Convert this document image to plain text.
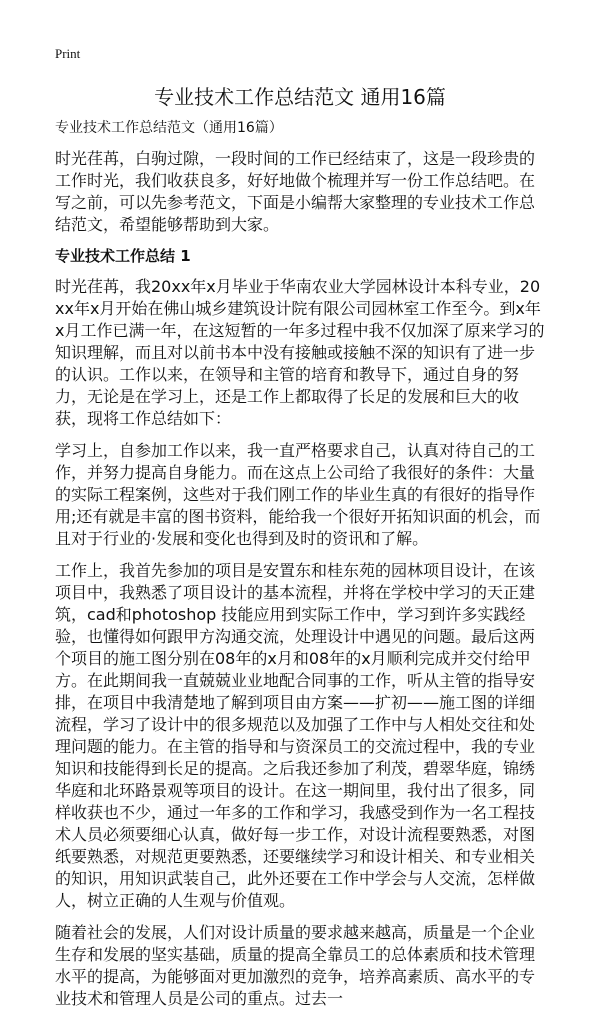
Print
专业技术工作总结范文 通用16篇
专业技术工作总结范文（通用16篇）
时光荏苒，白驹过隙，一段时间的工作已经结束了，这是一段珍贵的工作时光，我们收获良多，好好地做个梳理并写一份工作总结吧。在写之前，可以先参考范文，下面是小编帮大家整理的专业技术工作总结范文，希望能够帮助到大家。
专业技术工作总结 1
时光荏苒，我20xx年x月毕业于华南农业大学园林设计本科专业，20xx年x月开始在佛山城乡建筑设计院有限公司园林室工作至今。到x年x月工作已满一年，在这短暂的一年多过程中我不仅加深了原来学习的知识理解，而且对以前书本中没有接触或接触不深的知识有了进一步的认识。工作以来，在领导和主管的培育和教导下，通过自身的努力，无论是在学习上，还是工作上都取得了长足的发展和巨大的收获，现将工作总结如下：
学习上，自参加工作以来，我一直严格要求自己，认真对待自己的工作，并努力提高自身能力。而在这点上公司给了我很好的条件：大量的实际工程案例，这些对于我们刚工作的毕业生真的有很好的指导作用;还有就是丰富的图书资料，能给我一个很好开拓知识面的机会，而且对于行业的·发展和变化也得到及时的资讯和了解。
工作上，我首先参加的项目是安置东和桂东苑的园林项目设计，在该项目中，我熟悉了项目设计的基本流程，并将在学校中学习的天正建筑，cad和photoshop 技能应用到实际工作中，学习到许多实践经验，也懂得如何跟甲方沟通交流，处理设计中遇见的问题。最后这两个项目的施工图分别在08年的x月和08年的x月顺利完成并交付给甲方。在此期间我一直兢兢业业地配合同事的工作，听从主管的指导安排，在项目中我清楚地了解到项目由方案——扩初——施工图的详细流程，学习了设计中的很多规范以及加强了工作中与人相处交往和处理问题的能力。在主管的指导和与资深员工的交流过程中，我的专业知识和技能得到长足的提高。之后我还参加了利茂，碧翠华庭，锦绣华庭和北环路景观等项目的设计。在这一期间里，我付出了很多，同样收获也不少，通过一年多的工作和学习，我感受到作为一名工程技术人员必须要细心认真，做好每一步工作，对设计流程要熟悉，对图纸要熟悉，对规范更要熟悉，还要继续学习和设计相关、和专业相关的知识，用知识武装自己，此外还要在工作中学会与人交流，怎样做人，树立正确的人生观与价值观。
随着社会的发展，人们对设计质量的要求越来越高，质量是一个企业生存和发展的坚实基础，质量的提高全靠员工的总体素质和技术管理水平的提高，为能够面对更加激烈的竞争，培养高素质、高水平的专业技术和管理人员是公司的重点。过去一
